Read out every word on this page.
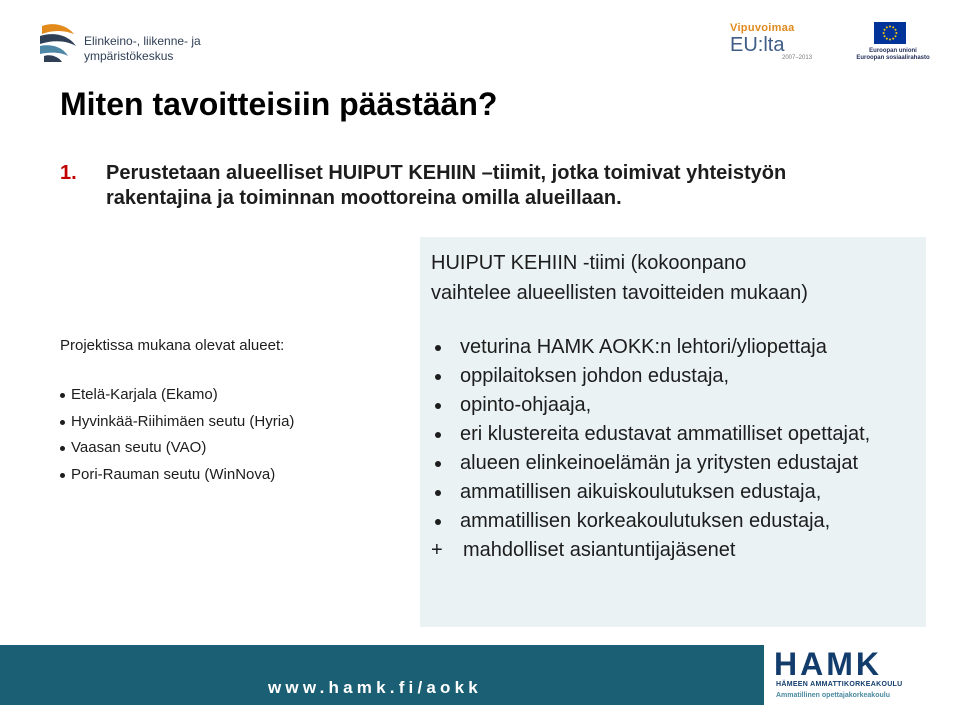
Elinkeino-, liikenne- ja
ympäristökeskus
Vipuvoimaa
EU:lta
2007–2013
Euroopan unioni
Euroopan sosiaalirahasto
Miten tavoitteisiin päästään?
1. Perustetaan alueelliset HUIPUT KEHIIN –tiimit, jotka toimivat yhteistyön
rakentajina ja toiminnan moottoreina omilla alueillaan.

Projektissa mukana olevat alueet:

Etelä-Karjala (Ekamo)
Hyvinkää-Riihimäen seutu (Hyria)
Vaasan seutu (VAO)
Pori-Rauman seutu (WinNova)
HUIPUT KEHIIN -tiimi (kokoonpano
vaihtelee alueellisten tavoitteiden mukaan)
veturina HAMK AOKK:n lehtori/yliopettaja
oppilaitoksen johdon edustaja,
opinto-ohjaaja,
eri klustereita edustavat ammatilliset opettajat,
alueen elinkeinoelämän ja yritysten edustajat
ammatillisen aikuiskoulutuksen edustaja,
ammatillisen korkeakoulutuksen edustaja,
+ mahdolliset asiantuntijajäsenet
www.hamk.fi/aokk
HAMK
HÄMEEN AMMATTIKORKEAKOULU
Ammatillinen opettajakorkeakoulu
